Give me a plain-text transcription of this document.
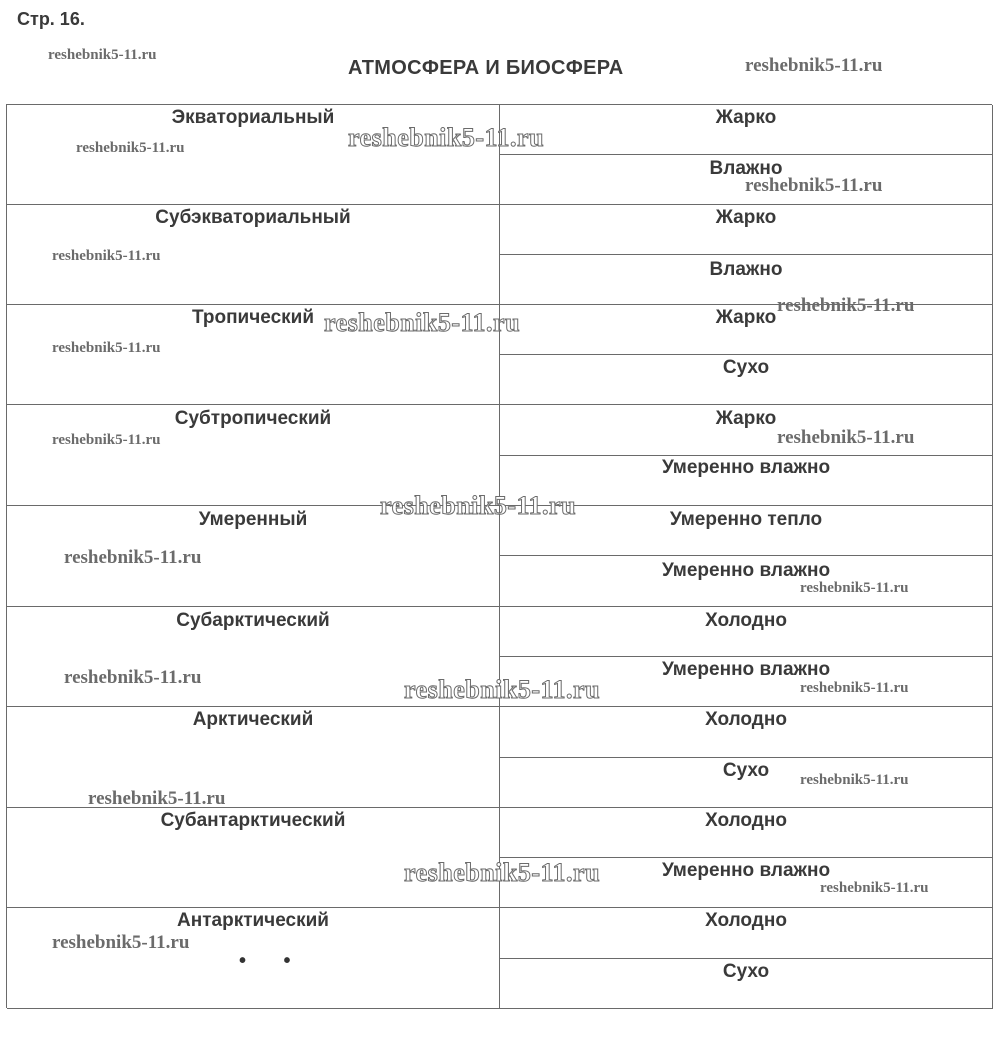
Стр. 16.
АТМОСФЕРА И БИОСФЕРА
Экваториальный	Жарко
Влажно
Субэкваториальный	Жарко
Влажно
Тропический	Жарко
Сухо
Субтропический	Жарко
Умеренно влажно
Умеренный	Умеренно тепло
Умеренно влажно
Субарктический	Холодно
Умеренно влажно
Арктический	Холодно
Сухо
Субантарктический	Холодно
Умеренно влажно
Антарктический	Холодно
Сухо
• •
reshebnik5-11.ru	reshebnik5-11.ru
reshebnik5-11.ru
reshebnik5-11.ru
reshebnik5-11.ru
reshebnik5-11.ru
reshebnik5-11.ru
reshebnik5-11.ru
reshebnik5-11.ru
reshebnik5-11.ru	reshebnik5-11.ru
reshebnik5-11.ru
reshebnik5-11.ru
reshebnik5-11.ru
reshebnik5-11.ru	reshebnik5-11.ru	reshebnik5-11.ru
reshebnik5-11.ru
reshebnik5-11.ru
reshebnik5-11.ru
reshebnik5-11.ru
reshebnik5-11.ru
